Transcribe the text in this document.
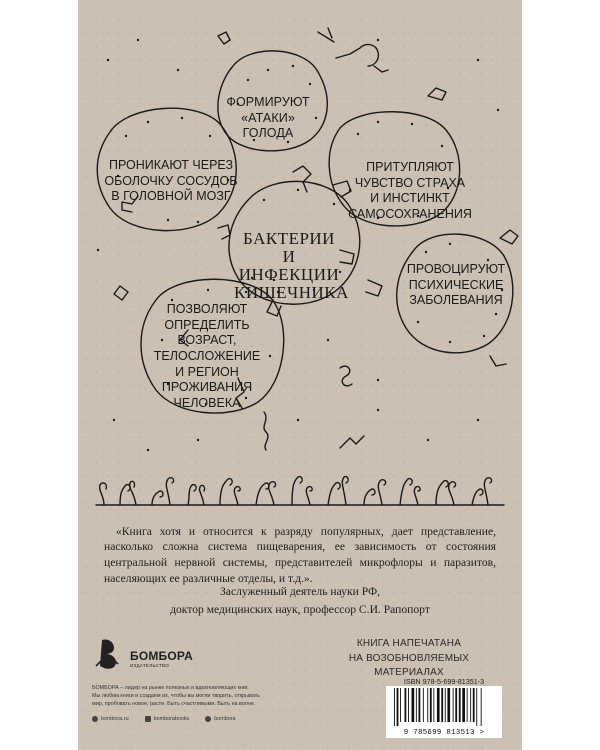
ФОРМИРУЮТ
«АТАКИ»
ГОЛОДА
ПРИТУПЛЯЮТ
ЧУВСТВО СТРАХА
И ИНСТИНКТ
САМОСОХРАНЕНИЯ
ПРОНИКАЮТ ЧЕРЕЗ
ОБОЛОЧКУ СОСУДОВ
В ГОЛОВНОЙ МОЗГ
БАКТЕРИИ
И ИНФЕКЦИИ
КИШЕЧНИКА
ПРОВОЦИРУЮТ
ПСИХИЧЕСКИЕ
ЗАБОЛЕВАНИЯ
ПОЗВОЛЯЮТ
ОПРЕДЕЛИТЬ ВОЗРАСТ,
ТЕЛОСЛОЖЕНИЕ
И РЕГИОН
ПРОЖИВАНИЯ
ЧЕЛОВЕКА

«Книга хотя и относится к разряду популярных, дает представление, насколько сложна система пищеварения, ее зависимость от состояния центральной нервной системы, представителей микрофлоры и паразитов, населяющих ее различные отделы, и т.д.».

Заслуженный деятель науки РФ,
доктор медицинских наук, профессор С.И. Рапопорт
КНИГА НАПЕЧАТАНА
НА ВОЗОБНОВЛЯЕМЫХ МАТЕРИАЛАХ
БОМБОРА
ИЗДАТЕЛЬСТВО
БОМБОРА – лидер на рынке полезных и вдохновляющих книг.
Мы любим книги и создаем их, чтобы вы могли творить, открывать
мир, пробовать новое, расти. Быть счастливыми. Быть на волне.
bombora.ru	bomborabooks	bombora
ISBN 978-5-699-81351-3
9 785699 813513 >
